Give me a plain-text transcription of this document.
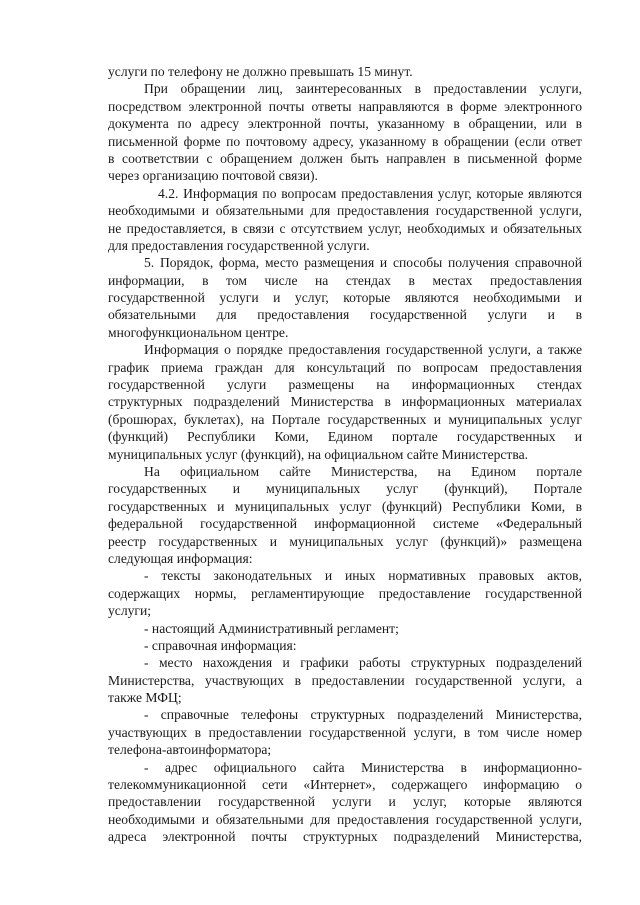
услуги по телефону не должно превышать 15 минут.
При обращении лиц, заинтересованных в предоставлении услуги,
посредством электронной почты ответы направляются в форме электронного
документа по адресу электронной почты, указанному в обращении, или в
письменной форме по почтовому адресу, указанному в обращении (если ответ
в соответствии с обращением должен быть направлен в письменной форме
через организацию почтовой связи).
4.2. Информация по вопросам предоставления услуг, которые являются
необходимыми и обязательными для предоставления государственной услуги,
не предоставляется, в связи с отсутствием услуг, необходимых и обязательных
для предоставления государственной услуги.
5. Порядок, форма, место размещения и способы получения справочной
информации, в том числе на стендах в местах предоставления
государственной услуги и услуг, которые являются необходимыми и
обязательными для предоставления государственной услуги и в
многофункциональном центре.
Информация о порядке предоставления государственной услуги, а также
график приема граждан для консультаций по вопросам предоставления
государственной услуги размещены на информационных стендах
структурных подразделений Министерства в информационных материалах
(брошюрах, буклетах), на Портале государственных и муниципальных услуг
(функций) Республики Коми, Едином портале государственных и
муниципальных услуг (функций), на официальном сайте Министерства.
На официальном сайте Министерства, на Едином портале
государственных и муниципальных услуг (функций), Портале
государственных и муниципальных услуг (функций) Республики Коми, в
федеральной государственной информационной системе «Федеральный
реестр государственных и муниципальных услуг (функций)» размещена
следующая информация:
- тексты законодательных и иных нормативных правовых актов,
содержащих нормы, регламентирующие предоставление государственной
услуги;
- настоящий Административный регламент;
- справочная информация:
- место нахождения и графики работы структурных подразделений
Министерства, участвующих в предоставлении государственной услуги, а
также МФЦ;
- справочные телефоны структурных подразделений Министерства,
участвующих в предоставлении государственной услуги, в том числе номер
телефона-автоинформатора;
- адрес официального сайта Министерства в информационно-
телекоммуникационной сети «Интернет», содержащего информацию о
предоставлении государственной услуги и услуг, которые являются
необходимыми и обязательными для предоставления государственной услуги,
адреса электронной почты структурных подразделений Министерства,
